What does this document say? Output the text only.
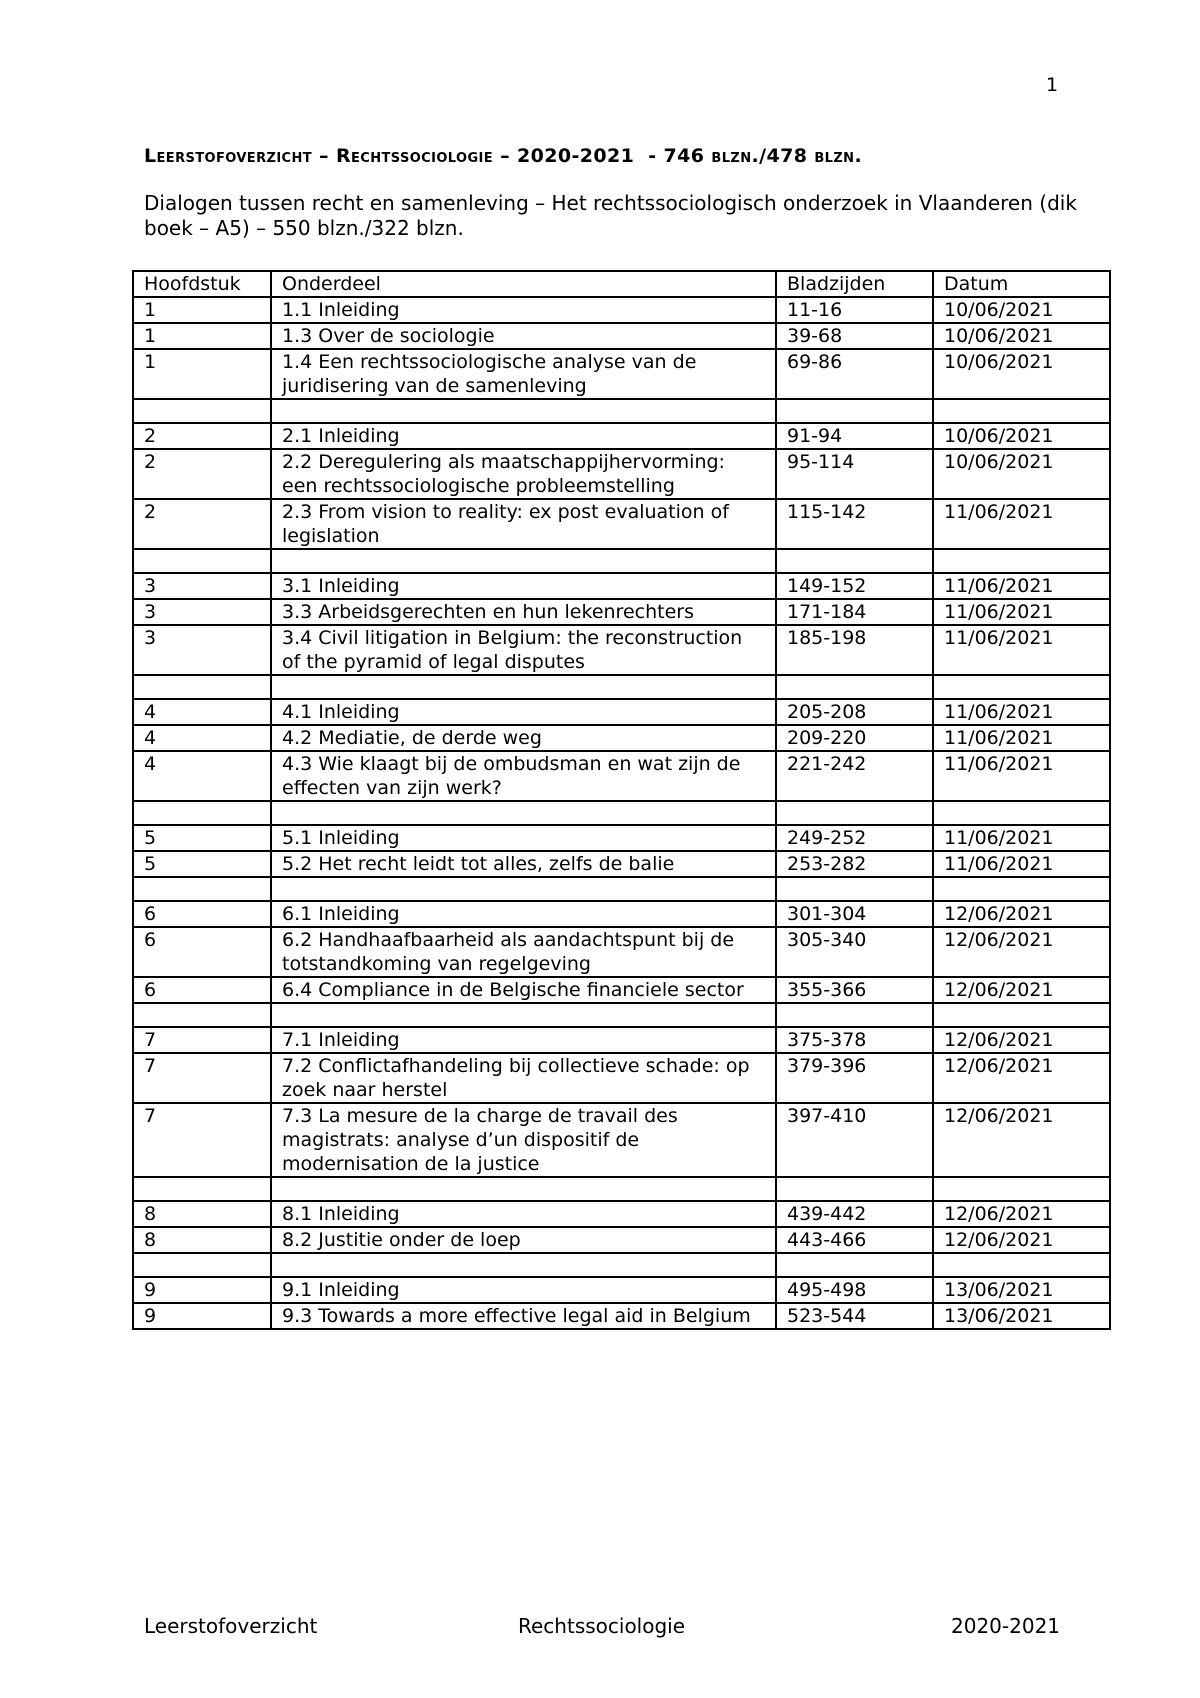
1
Leerstofoverzicht – Rechtssociologie – 2020-2021  - 746 blzn./478 blzn.
Dialogen tussen recht en samenleving – Het rechtssociologisch onderzoek in Vlaanderen (dik boek – A5) – 550 blzn./322 blzn.
Hoofdstuk	Onderdeel	Bladzijden	Datum
1	1.1 Inleiding	11-16	10/06/2021
1	1.3 Over de sociologie	39-68	10/06/2021
1	1.4 Een rechtssociologische analyse van de juridisering van de samenleving	69-86	10/06/2021

2	2.1 Inleiding	91-94	10/06/2021
2	2.2 Deregulering als maatschappijhervorming: een rechtssociologische probleemstelling	95-114	10/06/2021
2	2.3 From vision to reality: ex post evaluation of legislation	115-142	11/06/2021

3	3.1 Inleiding	149-152	11/06/2021
3	3.3 Arbeidsgerechten en hun lekenrechters	171-184	11/06/2021
3	3.4 Civil litigation in Belgium: the reconstruction of the pyramid of legal disputes	185-198	11/06/2021

4	4.1 Inleiding	205-208	11/06/2021
4	4.2 Mediatie, de derde weg	209-220	11/06/2021
4	4.3 Wie klaagt bij de ombudsman en wat zijn de effecten van zijn werk?	221-242	11/06/2021

5	5.1 Inleiding	249-252	11/06/2021
5	5.2 Het recht leidt tot alles, zelfs de balie	253-282	11/06/2021

6	6.1 Inleiding	301-304	12/06/2021
6	6.2 Handhaafbaarheid als aandachtspunt bij de totstandkoming van regelgeving	305-340	12/06/2021
6	6.4 Compliance in de Belgische financiele sector	355-366	12/06/2021

7	7.1 Inleiding	375-378	12/06/2021
7	7.2 Conflictafhandeling bij collectieve schade: op zoek naar herstel	379-396	12/06/2021
7	7.3 La mesure de la charge de travail des magistrats: analyse d’un dispositif de modernisation de la justice	397-410	12/06/2021

8	8.1 Inleiding	439-442	12/06/2021
8	8.2 Justitie onder de loep	443-466	12/06/2021

9	9.1 Inleiding	495-498	13/06/2021
9	9.3 Towards a more effective legal aid in Belgium	523-544	13/06/2021
Leerstofoverzicht	Rechtssociologie	2020-2021
